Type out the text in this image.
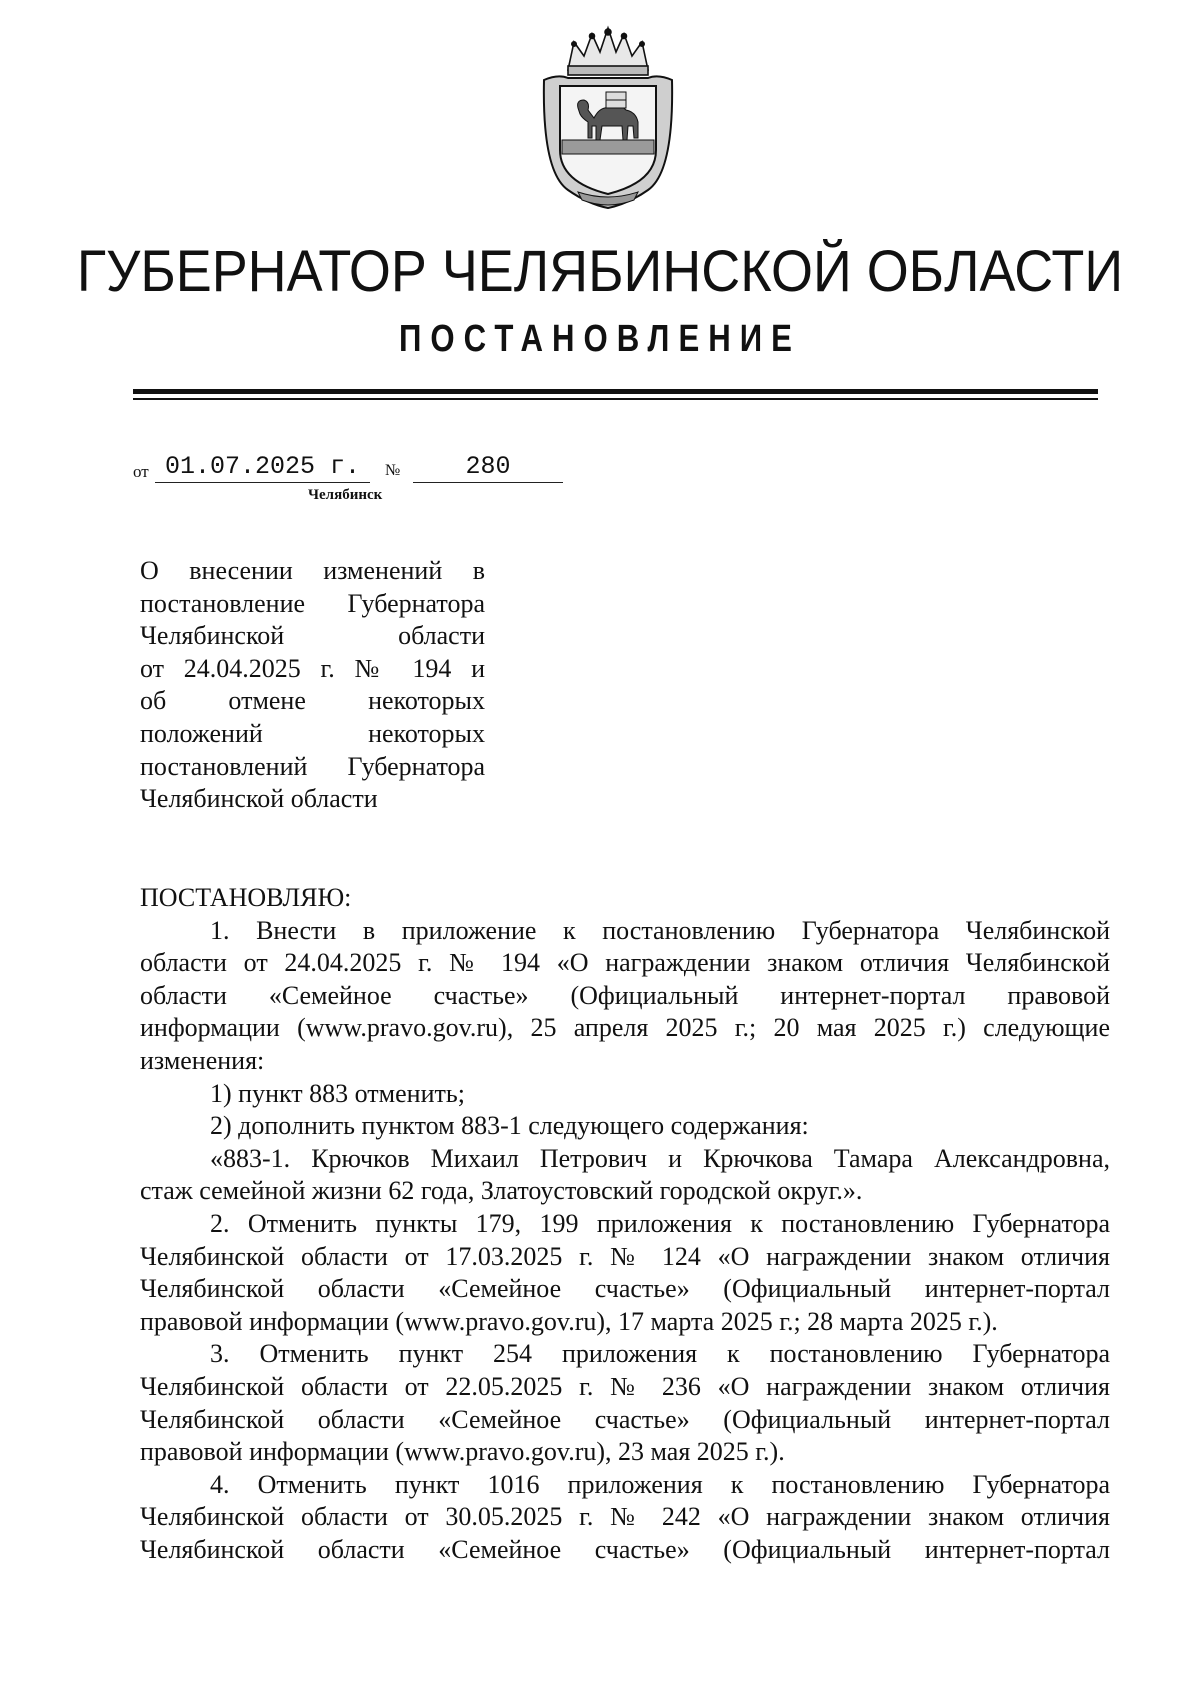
ГУБЕРНАТОР ЧЕЛЯБИНСКОЙ ОБЛАСТИ
ПОСТАНОВЛЕНИЕ
от 01.07.2025 г.	№	280
Челябинск
О внесении изменений в
постановление Губернатора
Челябинской области
от 24.04.2025 г. № 194 и
об отмене некоторых
положений некоторых
постановлений Губернатора
Челябинской области
ПОСТАНОВЛЯЮ:
1. Внести в приложение к постановлению Губернатора Челябинской
области от 24.04.2025 г. № 194 «О награждении знаком отличия Челябинской
области «Семейное счастье» (Официальный интернет-портал правовой
информации (www.pravo.gov.ru), 25 апреля 2025 г.; 20 мая 2025 г.) следующие
изменения:
1) пункт 883 отменить;
2) дополнить пунктом 883-1 следующего содержания:
«883-1. Крючков Михаил Петрович и Крючкова Тамара Александровна,
стаж семейной жизни 62 года, Златоустовский городской округ.».
2. Отменить пункты 179, 199 приложения к постановлению Губернатора
Челябинской области от 17.03.2025 г. № 124 «О награждении знаком отличия
Челябинской области «Семейное счастье» (Официальный интернет-портал
правовой информации (www.pravo.gov.ru), 17 марта 2025 г.; 28 марта 2025 г.).
3. Отменить пункт 254 приложения к постановлению Губернатора
Челябинской области от 22.05.2025 г. № 236 «О награждении знаком отличия
Челябинской области «Семейное счастье» (Официальный интернет-портал
правовой информации (www.pravo.gov.ru), 23 мая 2025 г.).
4. Отменить пункт 1016 приложения к постановлению Губернатора
Челябинской области от 30.05.2025 г. № 242 «О награждении знаком отличия
Челябинской области «Семейное счастье» (Официальный интернет-портал
